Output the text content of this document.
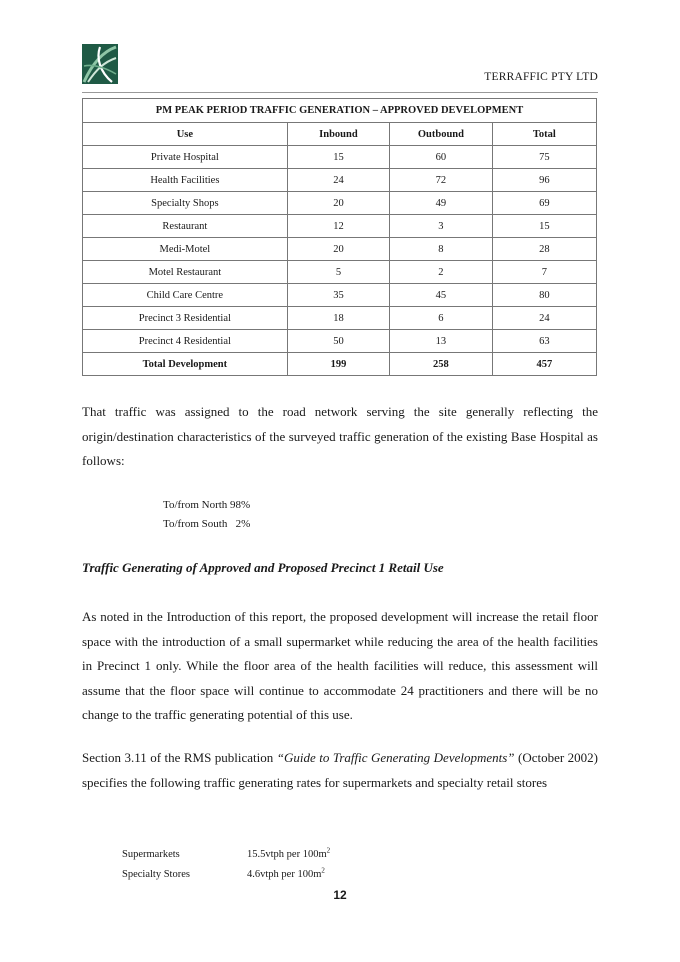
TERRAFFIC PTY LTD
PM PEAK PERIOD TRAFFIC GENERATION – APPROVED DEVELOPMENT			
Use	Inbound	Outbound	Total
Private Hospital	15	60	75
Health Facilities	24	72	96
Specialty Shops	20	49	69
Restaurant	12	3	15
Medi-Motel	20	8	28
Motel Restaurant	5	2	7
Child Care Centre	35	45	80
Precinct 3 Residential	18	6	24
Precinct 4 Residential	50	13	63
Total Development	199	258	457

That traffic was assigned to the road network serving the site generally reflecting the origin/destination characteristics of the surveyed traffic generation of the existing Base Hospital as follows:

To/from North 98%

To/from South   2%

Traffic Generating of Approved and Proposed Precinct 1 Retail Use

As noted in the Introduction of this report, the proposed development will increase the retail floor space with the introduction of a small supermarket while reducing the area of the health facilities in Precinct 1 only. While the floor area of the health facilities will reduce, this assessment will assume that the floor space will continue to accommodate 24 practitioners and there will be no change to the traffic generating potential of this use.

Section 3.11 of the RMS publication “Guide to Traffic Generating Developments” (October 2002) specifies the following traffic generating rates for supermarkets and specialty retail stores

Supermarkets	15.5vtph per $100m^2$
Specialty Stores	4.6vtph per $100m^2$
12
